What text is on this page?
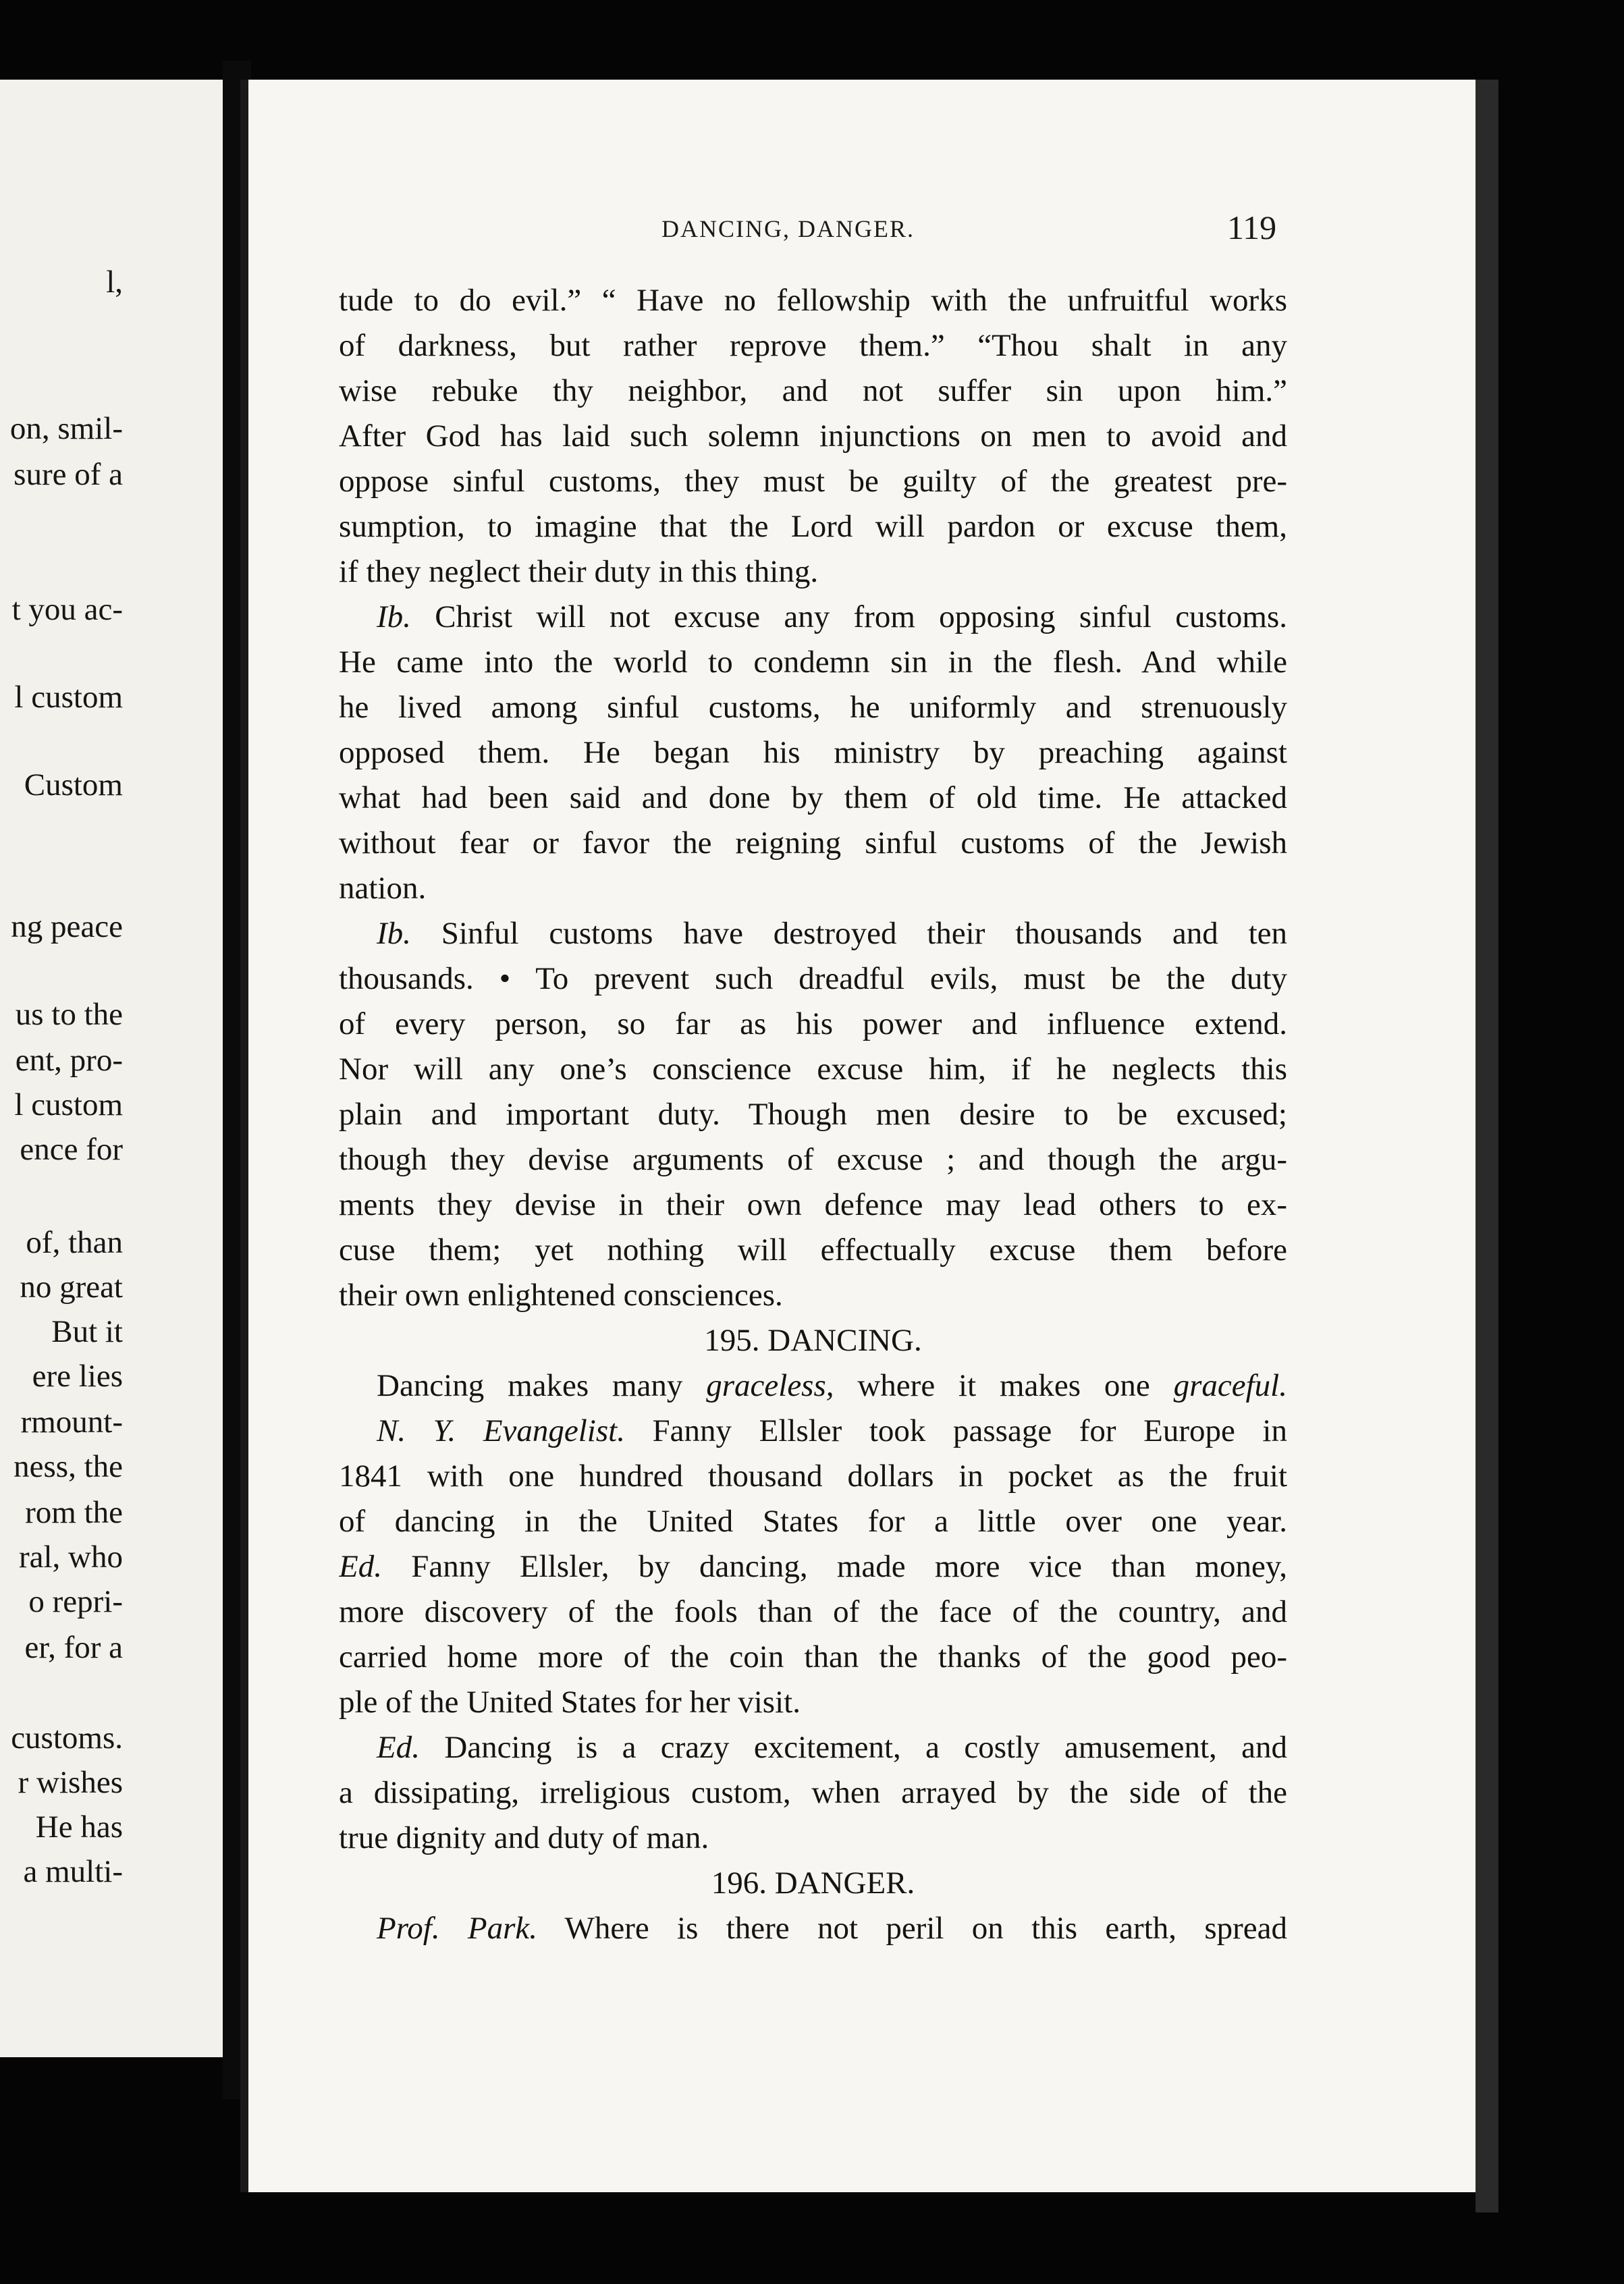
l,
on, smil-
sure of a
t you ac-
l custom
Custom
ng peace
us to the
ent, pro-
l custom
ence for
of, than
no great
But it
ere lies
rmount-
ness, the
rom the
ral, who
o repri-
er, for a
customs.
r wishes
He has
a multi-
DANCING, DANGER.	119
tude to do evil.” “ Have no fellowship with the unfruitful works
of darkness, but rather reprove them.” “Thou shalt in any
wise rebuke thy neighbor, and not suffer sin upon him.”
After God has laid such solemn injunctions on men to avoid and
oppose sinful customs, they must be guilty of the greatest pre-
sumption, to imagine that the Lord will pardon or excuse them,
if they neglect their duty in this thing.
Ib. Christ will not excuse any from opposing sinful customs.
He came into the world to condemn sin in the flesh. And while
he lived among sinful customs, he uniformly and strenuously
opposed them. He began his ministry by preaching against
what had been said and done by them of old time. He attacked
without fear or favor the reigning sinful customs of the Jewish
nation.
Ib. Sinful customs have destroyed their thousands and ten
thousands. • To prevent such dreadful evils, must be the duty
of every person, so far as his power and influence extend.
Nor will any one’s conscience excuse him, if he neglects this
plain and important duty. Though men desire to be excused;
though they devise arguments of excuse ; and though the argu-
ments they devise in their own defence may lead others to ex-
cuse them; yet nothing will effectually excuse them before
their own enlightened consciences.
195. DANCING.
Dancing makes many graceless, where it makes one graceful.
N. Y. Evangelist. Fanny Ellsler took passage for Europe in
1841 with one hundred thousand dollars in pocket as the fruit
of dancing in the United States for a little over one year.
Ed. Fanny Ellsler, by dancing, made more vice than money,
more discovery of the fools than of the face of the country, and
carried home more of the coin than the thanks of the good peo-
ple of the United States for her visit.
Ed. Dancing is a crazy excitement, a costly amusement, and
a dissipating, irreligious custom, when arrayed by the side of the
true dignity and duty of man.
196. DANGER.
Prof. Park. Where is there not peril on this earth, spread
